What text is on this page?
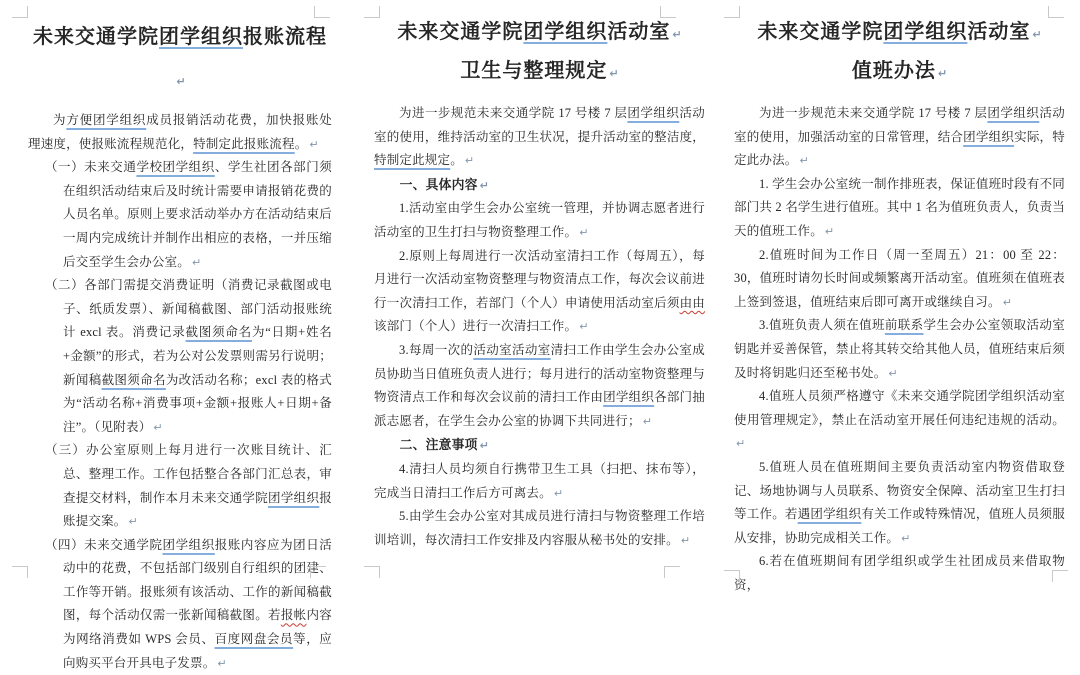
未来交通学院团学组织报账流程↵
为方便团学组织成员报销活动花费，加快报账处理速度，使报账流程规范化，特制定此报账流程。 ↵
（一）未来交通学校团学组织、学生社团各部门须在组织活动结束后及时统计需要申请报销花费的人员名单。原则上要求活动举办方在活动结束后一周内完成统计并制作出相应的表格，一并压缩后交至学生会办公室。 ↵
（二）各部门需提交消费证明（消费记录截图或电子、纸质发票）、新闻稿截图、部门活动报账统计 excl 表。消费记录截图须命名为“日期+姓名+金额”的形式，若为公对公发票则需另行说明；新闻稿截图须命名为改活动名称；excl 表的格式为“活动名称+消费事项+金额+报账人+日期+备注”。（见附表） ↵
（三）办公室原则上每月进行一次账目统计、汇总、整理工作。工作包括整合各部门汇总表，审查提交材料，制作本月未来交通学院团学组织报账提交案。 ↵
（四）未来交通学院团学组织报账内容应为团日活动中的花费，不包括部门级别自行组织的团建、工作等开销。报账须有该活动、工作的新闻稿截图，每个活动仅需一张新闻稿截图。若报帐内容为网络消费如 WPS 会员、百度网盘会员等，应向购买平台开具电子发票。 ↵
未来交通学院团学组织活动室 ↵
卫生与整理规定 ↵
为进一步规范未来交通学院 17 号楼 7 层团学组织活动室的使用，维持活动室的卫生状况，提升活动室的整洁度，特制定此规定。 ↵
一、具体内容 ↵
1.活动室由学生会办公室统一管理，并协调志愿者进行活动室的卫生打扫与物资整理工作。 ↵
2.原则上每周进行一次活动室清扫工作（每周五），每月进行一次活动室物资整理与物资清点工作，每次会议前进行一次清扫工作，若部门（个人）申请使用活动室后须由由该部门（个人）进行一次清扫工作。 ↵
3.每周一次的活动室活动室清扫工作由学生会办公室成员协助当日值班负责人进行；每月进行的活动室物资整理与物资清点工作和每次会议前的清扫工作由团学组织各部门抽派志愿者，在学生会办公室的协调下共同进行； ↵
二、注意事项 ↵
4.清扫人员均须自行携带卫生工具（扫把、抹布等），完成当日清扫工作后方可离去。 ↵
5.由学生会办公室对其成员进行清扫与物资整理工作培训培训，每次清扫工作安排及内容服从秘书处的安排。 ↵
未来交通学院团学组织活动室 ↵
值班办法 ↵
为进一步规范未来交通学院 17 号楼 7 层团学组织活动室的使用，加强活动室的日常管理，结合团学组织实际，特定此办法。 ↵
1. 学生会办公室统一制作排班表，保证值班时段有不同部门共 2 名学生进行值班。其中 1 名为值班负责人，负责当天的值班工作。 ↵
2.值班时间为工作日（周一至周五）21：00 至 22：30，值班时请勿长时间或频繁离开活动室。值班须在值班表上签到签退，值班结束后即可离开或继续自习。 ↵
3.值班负责人须在值班前联系学生会办公室领取活动室钥匙并妥善保管，禁止将其转交给其他人员，值班结束后须及时将钥匙归还至秘书处。 ↵
4.值班人员须严格遵守《未来交通学院团学组织活动室使用管理规定》，禁止在活动室开展任何违纪违规的活动。↵
5.值班人员在值班期间主要负责活动室内物资借取登记、场地协调与人员联系、物资安全保障、活动室卫生打扫等工作。若遇团学组织有关工作或特殊情况，值班人员须服从安排，协助完成相关工作。 ↵
6.若在值班期间有团学组织或学生社团成员来借取物资，
